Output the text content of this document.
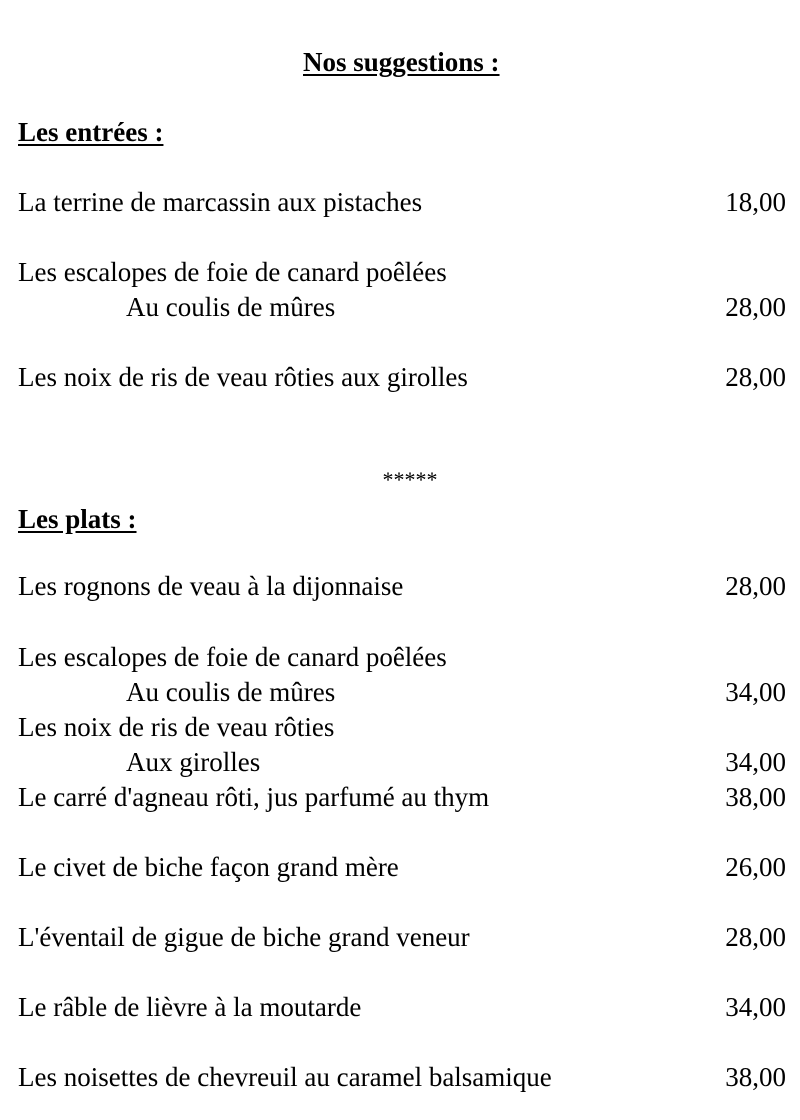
Nos suggestions :
Les entrées :
La terrine de marcassin aux pistaches	18,00
Les escalopes de foie de canard poêlées
Au coulis de mûres	28,00
Les noix de ris de veau rôties aux girolles	28,00
*****
Les plats :
Les rognons de veau à la dijonnaise	28,00
Les escalopes de foie de canard poêlées
Au coulis de mûres	34,00
Les noix de ris de veau rôties
Aux girolles	34,00
Le carré d'agneau rôti, jus parfumé au thym	38,00
Le civet de biche façon grand mère	26,00
L'éventail de gigue de biche grand veneur	28,00
Le râble de lièvre à la moutarde	34,00
Les noisettes de chevreuil au caramel balsamique	38,00
